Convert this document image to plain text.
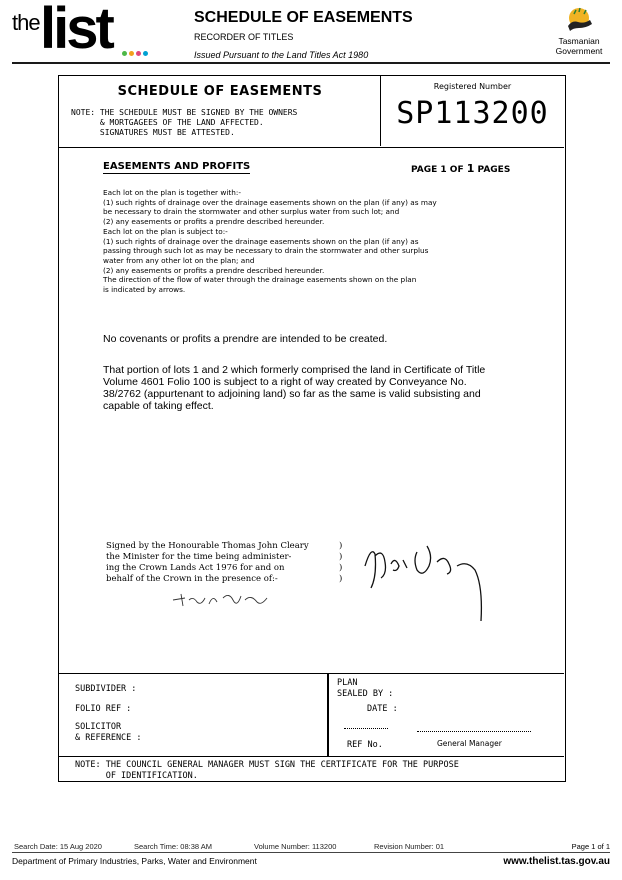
the list	SCHEDULE OF EASEMENTS
RECORDER OF TITLES
Issued Pursuant to the Land Titles Act 1980
Tasmanian
Government
SCHEDULE OF EASEMENTS
NOTE: THE SCHEDULE MUST BE SIGNED BY THE OWNERS
& MORTGAGEES OF THE LAND AFFECTED.
SIGNATURES MUST BE ATTESTED.
Registered Number
SP113200
EASEMENTS AND PROFITS	PAGE 1 OF 1 PAGES
Each lot on the plan is together with:-
(1) such rights of drainage over the drainage easements shown on the plan (if any) as may
be necessary to drain the stormwater and other surplus water from such lot; and
(2) any easements or profits a prendre described hereunder.
Each lot on the plan is subject to:-
(1) such rights of drainage over the drainage easements shown on the plan (if any) as
passing through such lot as may be necessary to drain the stormwater and other surplus
water from any other lot on the plan; and
(2) any easements or profits a prendre described hereunder.
The direction of the flow of water through the drainage easements shown on the plan
is indicated by arrows.
No covenants or profits a prendre are intended to be created.
That portion of lots 1 and 2 which formerly comprised the land in Certificate of Title
Volume 4601 Folio 100 is subject to a right of way created by Conveyance No.
38/2762 (appurtenant to adjoining land) so far as the same is valid subsisting and
capable of taking effect.
Signed by the Honourable Thomas John Cleary
the Minister for the time being administer-
ing the Crown Lands Act 1976 for and on
behalf of the Crown in the presence of:-
)
)
)
)
SUBDIVIDER :
FOLIO REF :
SOLICITOR
& REFERENCE :
PLAN
SEALED BY :
DATE :
REF No.	General Manager
NOTE: THE COUNCIL GENERAL MANAGER MUST SIGN THE CERTIFICATE FOR THE PURPOSE
OF IDENTIFICATION.
Search Date: 15 Aug 2020	Search Time: 08:38 AM	Volume Number: 113200	Revision Number: 01	Page 1 of 1
Department of Primary Industries, Parks, Water and Environment	www.thelist.tas.gov.au
